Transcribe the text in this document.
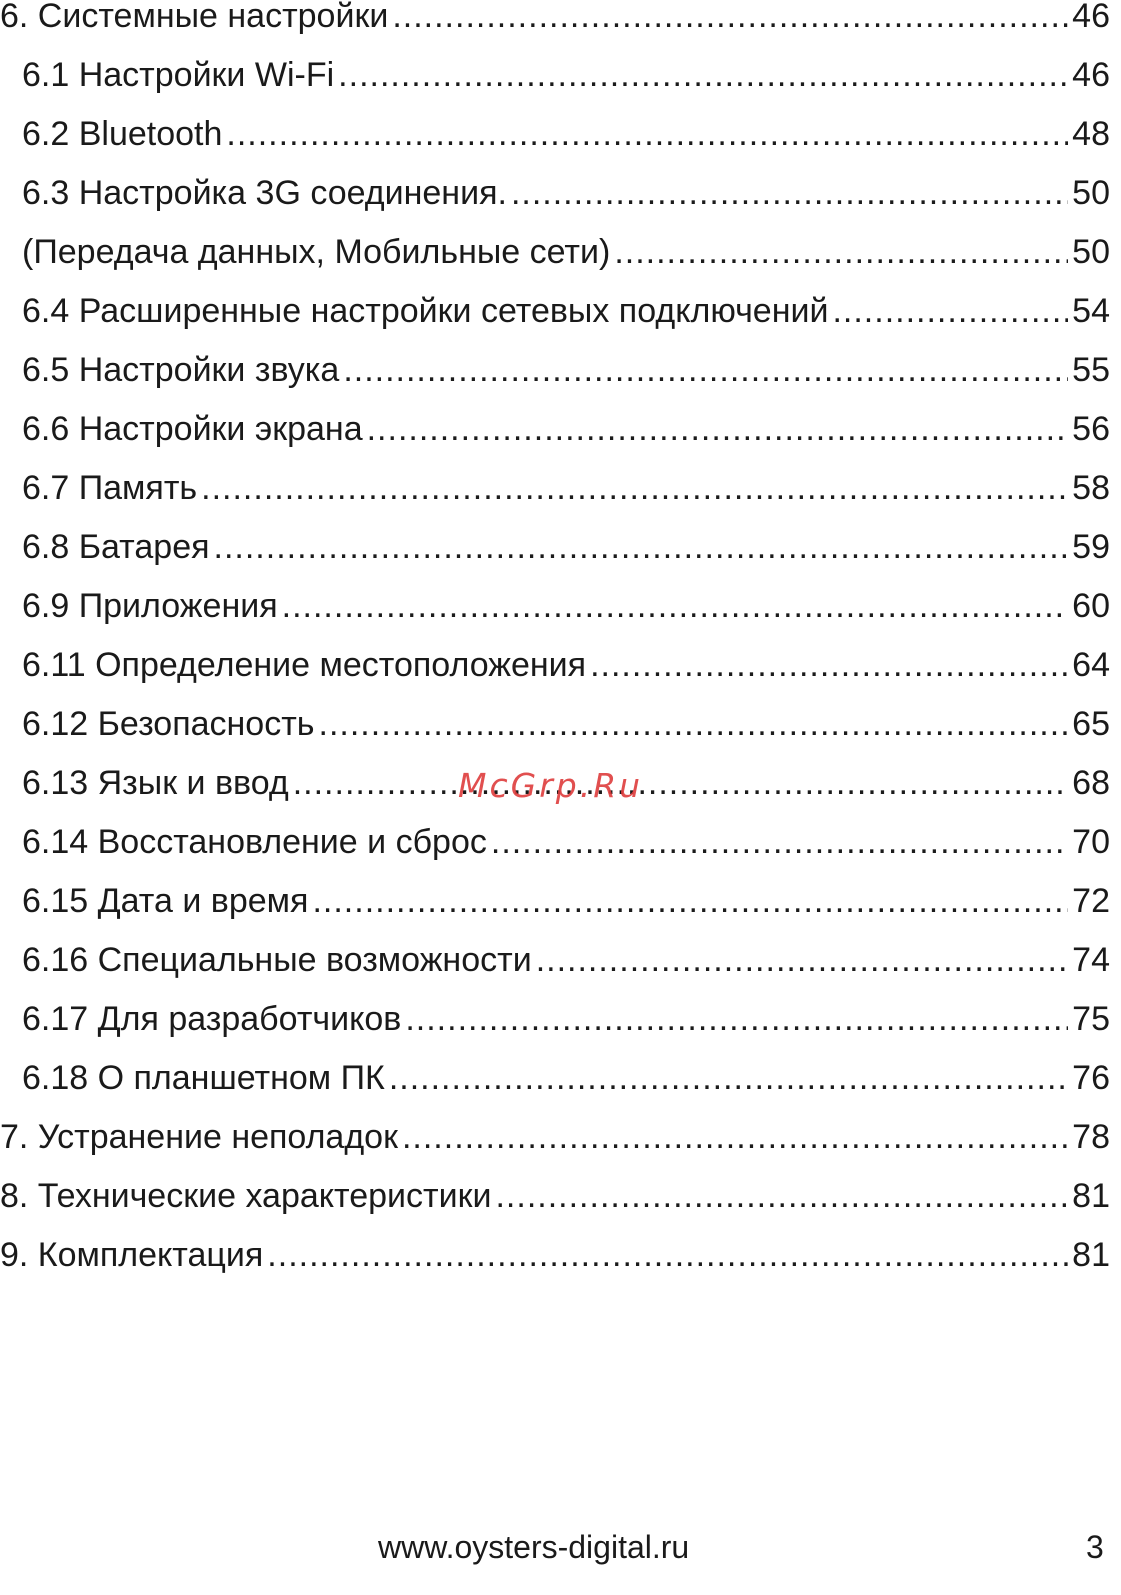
6. Системные настройки .....	46
6.1 Настройки Wi-Fi .....	46
6.2 Bluetooth .....	48
6.3 Настройка 3G соединения. .....	50
(Передача данных, Мобильные сети) .....	50
6.4 Расширенные настройки сетевых подключений .....	54
6.5 Настройки звука .....	55
6.6 Настройки экрана .....	56
6.7 Память .....	58
6.8 Батарея .....	59
6.9 Приложения .....	60
6.11 Определение местоположения .....	64
6.12 Безопасность .....	65
6.13 Язык и ввод .....	68
6.14 Восстановление и сброс .....	70
6.15 Дата и время .....	72
6.16 Специальные возможности .....	74
6.17 Для разработчиков .....	75
6.18 О планшетном ПК .....	76
7. Устранение неполадок .....	78
8. Технические характеристики .....	81
9. Комплектация .....	81
McGrp.Ru
www.oysters-digital.ru	3
